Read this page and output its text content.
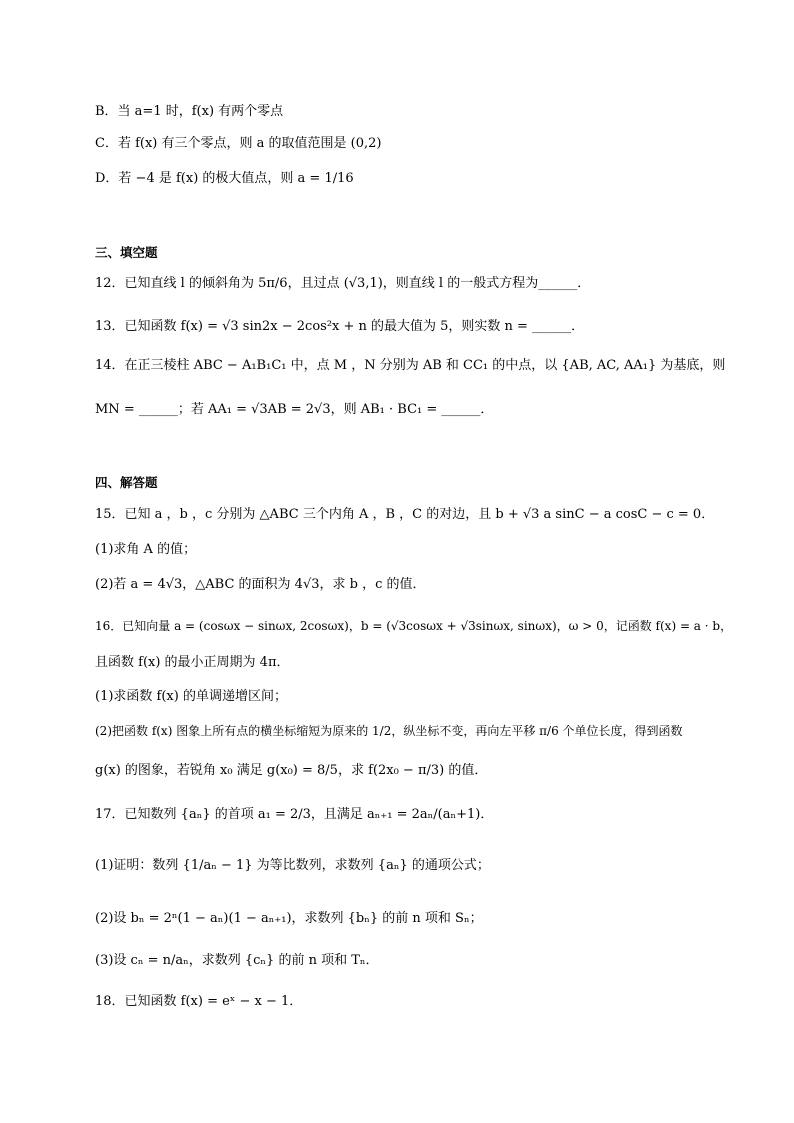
B．当 a=1 时，f(x) 有两个零点
C．若 f(x) 有三个零点，则 a 的取值范围是 (0,2)
D．若 −4 是 f(x) 的极大值点，则 a = 1/16
三、填空题
12．已知直线 l 的倾斜角为 5π/6，且过点 (√3,1)，则直线 l 的一般式方程为______．
13．已知函数 f(x) = √3 sin2x − 2cos²x + n 的最大值为 5，则实数 n = ______．
14．在正三棱柱 ABC − A₁B₁C₁ 中，点 M ，N 分别为 AB 和 CC₁ 的中点，以 {AB, AC, AA₁} 为基底，则
MN = ______；若 AA₁ = √3AB = 2√3，则 AB₁ · BC₁ = ______．
四、解答题
15．已知 a ，b ，c 分别为 △ABC 三个内角 A ，B ，C 的对边，且 b + √3 a sinC − a cosC − c = 0．
(1)求角 A 的值；
(2)若 a = 4√3，△ABC 的面积为 4√3，求 b ，c 的值．
16．已知向量 a = (cosωx − sinωx, 2cosωx)，b = (√3cosωx + √3sinωx, sinωx)，ω > 0，记函数 f(x) = a · b，
且函数 f(x) 的最小正周期为 4π．
(1)求函数 f(x) 的单调递增区间；
(2)把函数 f(x) 图象上所有点的横坐标缩短为原来的 1/2，纵坐标不变，再向左平移 π/6 个单位长度，得到函数
g(x) 的图象，若锐角 x₀ 满足 g(x₀) = 8/5，求 f(2x₀ − π/3) 的值．
17．已知数列 {aₙ} 的首项 a₁ = 2/3，且满足 aₙ₊₁ = 2aₙ/(aₙ+1)．
(1)证明：数列 {1/aₙ − 1} 为等比数列，求数列 {aₙ} 的通项公式；
(2)设 bₙ = 2ⁿ(1 − aₙ)(1 − aₙ₊₁)，求数列 {bₙ} 的前 n 项和 Sₙ；
(3)设 cₙ = n/aₙ，求数列 {cₙ} 的前 n 项和 Tₙ．
18．已知函数 f(x) = eˣ − x − 1．
